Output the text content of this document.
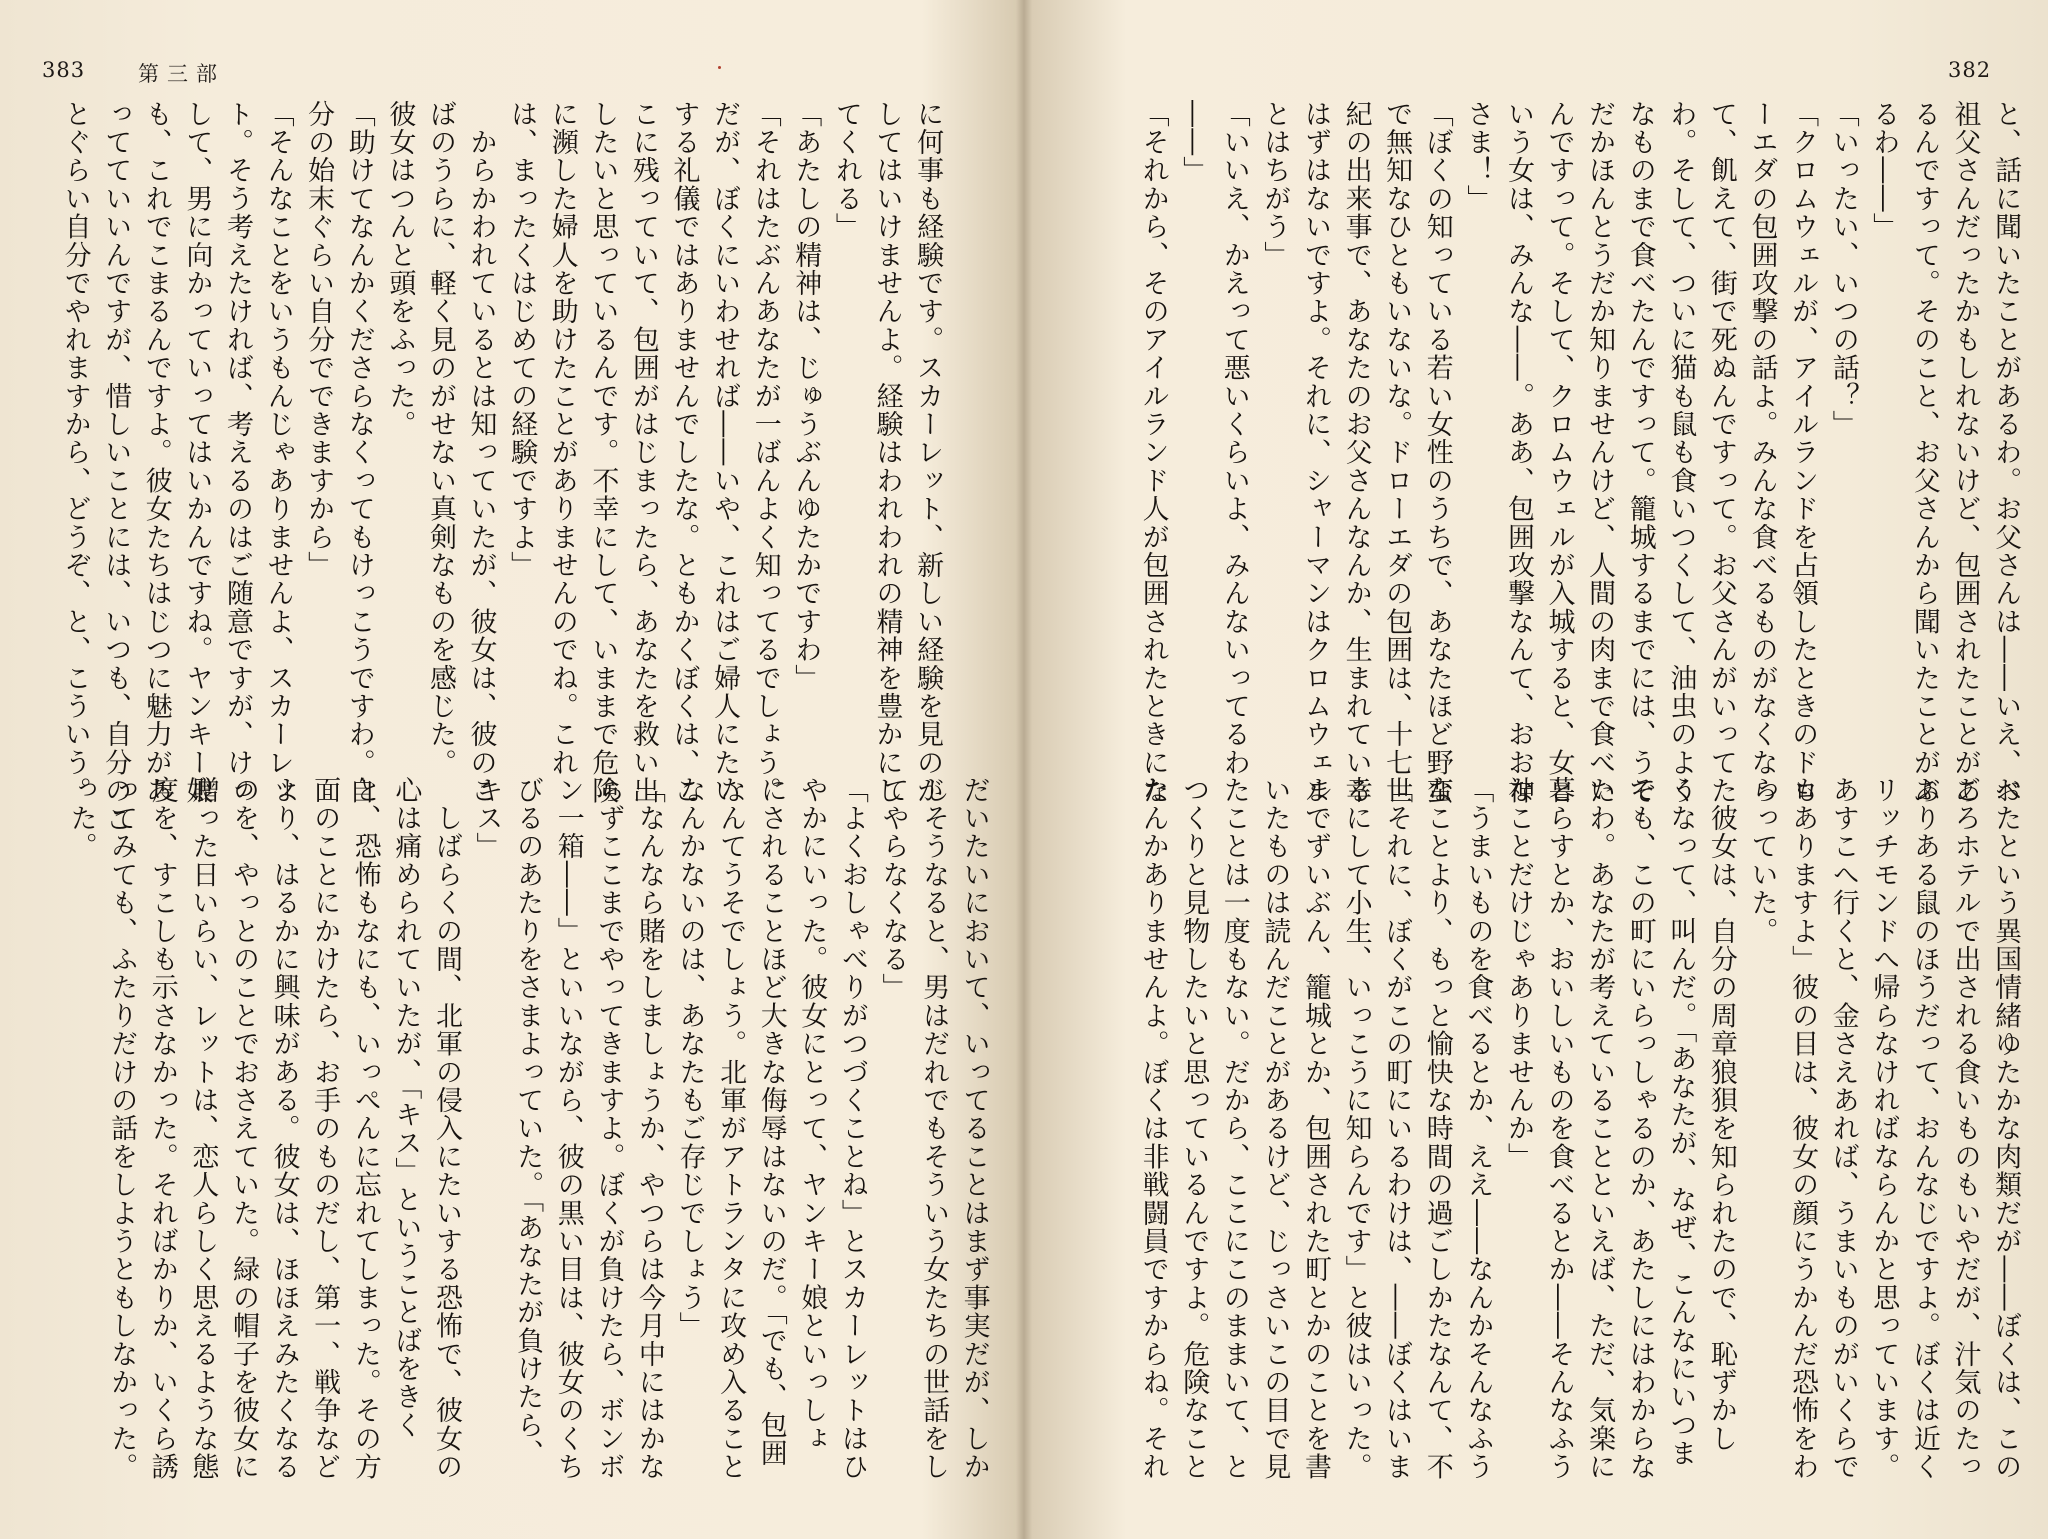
383	第三部

に何事も経験です。スカーレット、新しい経験を見のが

してはいけませんよ。経験はわれわれの精神を豊かにし

てくれる」

「あたしの精神は、じゅうぶんゆたかですわ」

「それはたぶんあなたが一ばんよく知ってるでしょう。

だが、ぼくにいわせれば――いや、これはご婦人にたい

する礼儀ではありませんでしたな。ともかくぼくは、こ

こに残っていて、包囲がはじまったら、あなたを救い出

したいと思っているんです。不幸にして、いままで危険

に瀕した婦人を助けたことがありませんのでね。これ

は、まったくはじめての経験ですよ」

　からかわれているとは知っていたが、彼女は、彼のこ

ばのうらに、軽く見のがせない真剣なものを感じた。

彼女はつんと頭をふった。

「助けてなんかくださらなくってもけっこうですわ。自

分の始末ぐらい自分でできますから」

「そんなことをいうもんじゃありませんよ、スカーレッ

ト。そう考えたければ、考えるのはご随意ですが、けっ

して、男に向かっていってはいかんですね。ヤンキー娘

も、これでこまるんですよ。彼女たちはじつに魅力があ

ってていいんですが、惜しいことには、いつも、自分のこ

とぐらい自分でやれますから、どうぞ、と、こういう。

だいたいにおいて、いってることはまず事実だが、しか

しそうなると、男はだれでもそういう女たちの世話をし

てやらなくなる」

「よくおしゃべりがつづくことね」とスカーレットはひ

やかにいった。彼女にとって、ヤンキー娘といっしょ

にされることほど大きな侮辱はないのだ。「でも、包囲

なんてうそでしょう。北軍がアトランタに攻め入ること

なんかないのは、あなたもご存じでしょう」

「なんなら賭をしましょうか、やつらは今月中にはかな

らずここまでやってきますよ。ぼくが負けたら、ボンボ

ン一箱――」といいながら、彼の黒い目は、彼女のくち

びるのあたりをさまよっていた。「あなたが負けたら、

キス」

　しばらくの間、北軍の侵入にたいする恐怖で、彼女の

心は痛められていたが、「キス」ということばをきく

と、恐怖もなにも、いっぺんに忘れてしまった。その方

面のことにかけたら、お手のものだし、第一、戦争など

より、はるかに興味がある。彼女は、ほほえみたくなる

のを、やっとのことでおさえていた。緑の帽子を彼女に

贈った日いらい、レットは、恋人らしく思えるような態

度を、すこしも示さなかった。そればかりか、いくら誘

ってみても、ふたりだけの話をしようともしなかった。

った。

382

と、話に聞いたことがあるわ。お父さんは――いえ、お

祖父さんだったかもしれないけど、包囲されたことがあ

るんですって。そのこと、お父さんから聞いたことがあ

るわ――」

「いったい、いつの話？」

「クロムウェルが、アイルランドを占領したときのドロ

ーエダの包囲攻撃の話よ。みんな食べるものがなくなっ

て、飢えて、街で死ぬんですって。お父さんがいってた

わ。そして、ついに猫も鼠も食いつくして、油虫のよう

なものまで食べたんですって。籠城するまでには、うそ

だかほんとうだか知りませんけど、人間の肉まで食べた

んですって。そして、クロムウェルが入城すると、女と

いう女は、みんな――。ああ、包囲攻撃なんて、おお神

さま！」

「ぼくの知っている若い女性のうちで、あなたほど野蛮

で無知なひともいないな。ドローエダの包囲は、十七世

紀の出来事で、あなたのお父さんなんか、生まれている

はずはないですよ。それに、シャーマンはクロムウェル

とはちがう」

「いいえ、かえって悪いくらいよ、みんないってるわ

――」

「それから、そのアイルランド人が包囲されたときにた

べたという異国情緒ゆたかな肉類だが――ぼくは、この

ごろホテルで出される食いものもいやだが、汁気のたっ

ぶりある鼠のほうだって、おんなじですよ。ぼくは近く

リッチモンドへ帰らなければならんかと思っています。

あすこへ行くと、金さえあれば、うまいものがいくらで

もありますよ」彼の目は、彼女の顔にうかんだ恐怖をわ

らっていた。

　彼女は、自分の周章狼狽を知られたので、恥ずかし

くなって、叫んだ。「あなたが、なぜ、こんなにいつま

でも、この町にいらっしゃるのか、あたしにはわからな

いわ。あなたが考えていることといえば、ただ、気楽に

暮らすとか、おいしいものを食べるとか――そんなふう

なことだけじゃありませんか」

「うまいものを食べるとか、ええ――なんかそんなふう

なことより、もっと愉快な時間の過ごしかたなんて、不

「それに、ぼくがこの町にいるわけは、――ぼくはいま

幸にして小生、いっこうに知らんです」と彼はいった。

までずいぶん、籠城とか、包囲された町とかのことを書

いたものは読んだことがあるけど、じっさいこの目で見

たことは一度もない。だから、ここにこのままいて、と

つくりと見物したいと思っているんですよ。危険なこと

なんかありませんよ。ぼくは非戦闘員ですからね。それ
